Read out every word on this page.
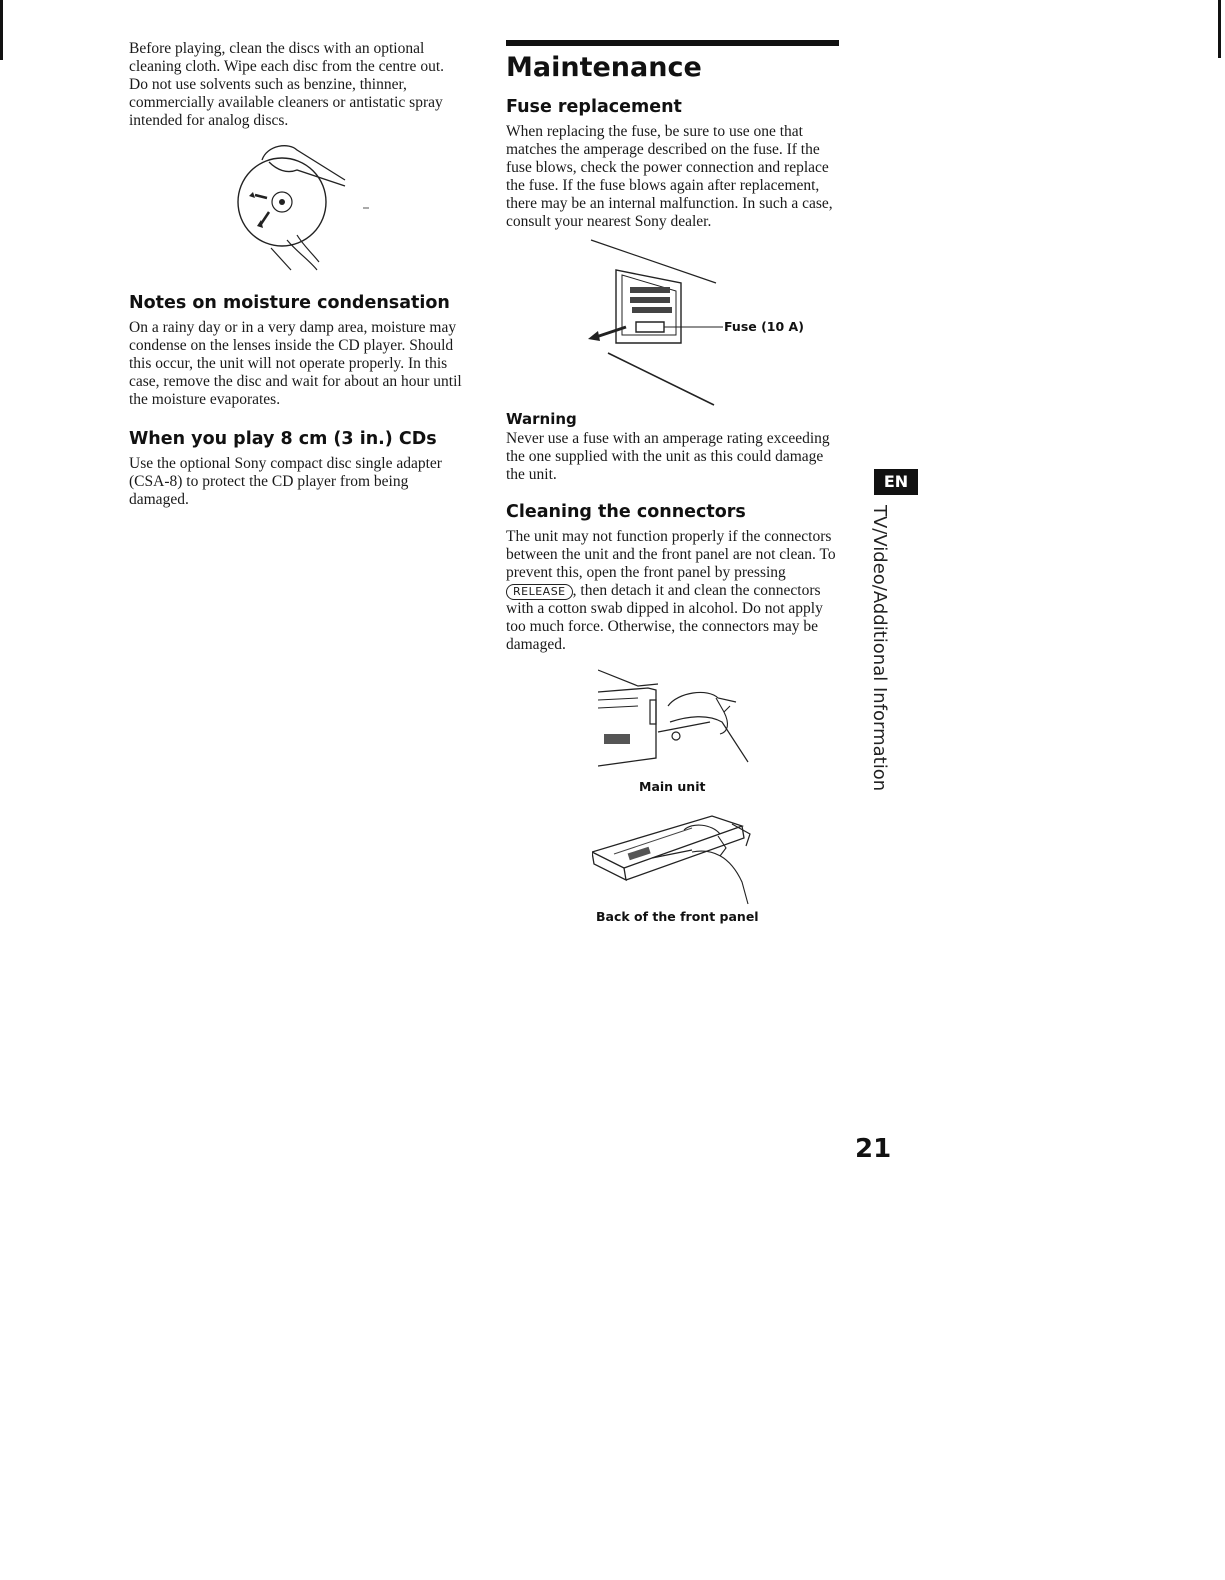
Before playing, clean the discs with an optional cleaning cloth. Wipe each disc from the centre out.

Do not use solvents such as benzine, thinner, commercially available cleaners or antistatic spray intended for analog discs.

Notes on moisture condensation

On a rainy day or in a very damp area, moisture may condense on the lenses inside the CD player. Should this occur, the unit will not operate properly. In this case, remove the disc and wait for about an hour until the moisture evaporates.

When you play 8 cm (3 in.) CDs

Use the optional Sony compact disc single adapter (CSA-8) to protect the CD player from being damaged.

Maintenance
Fuse replacement

When replacing the fuse, be sure to use one that matches the amperage described on the fuse. If the fuse blows, check the power connection and replace the fuse. If the fuse blows again after replacement, there may be an internal malfunction. In such a case, consult your nearest Sony dealer.

Fuse (10 A)
Warning

Never use a fuse with an amperage rating exceeding the one supplied with the unit as this could damage the unit.

Cleaning the connectors

The unit may not function properly if the connectors between the unit and the front panel are not clean. To prevent this, open the front panel by pressing RELEASE , then detach it and clean the connectors with a cotton swab dipped in alcohol. Do not apply too much force. Otherwise, the connectors may be damaged.

Main unit
Back of the front panel
EN
TV/Video/Additional Information
21
